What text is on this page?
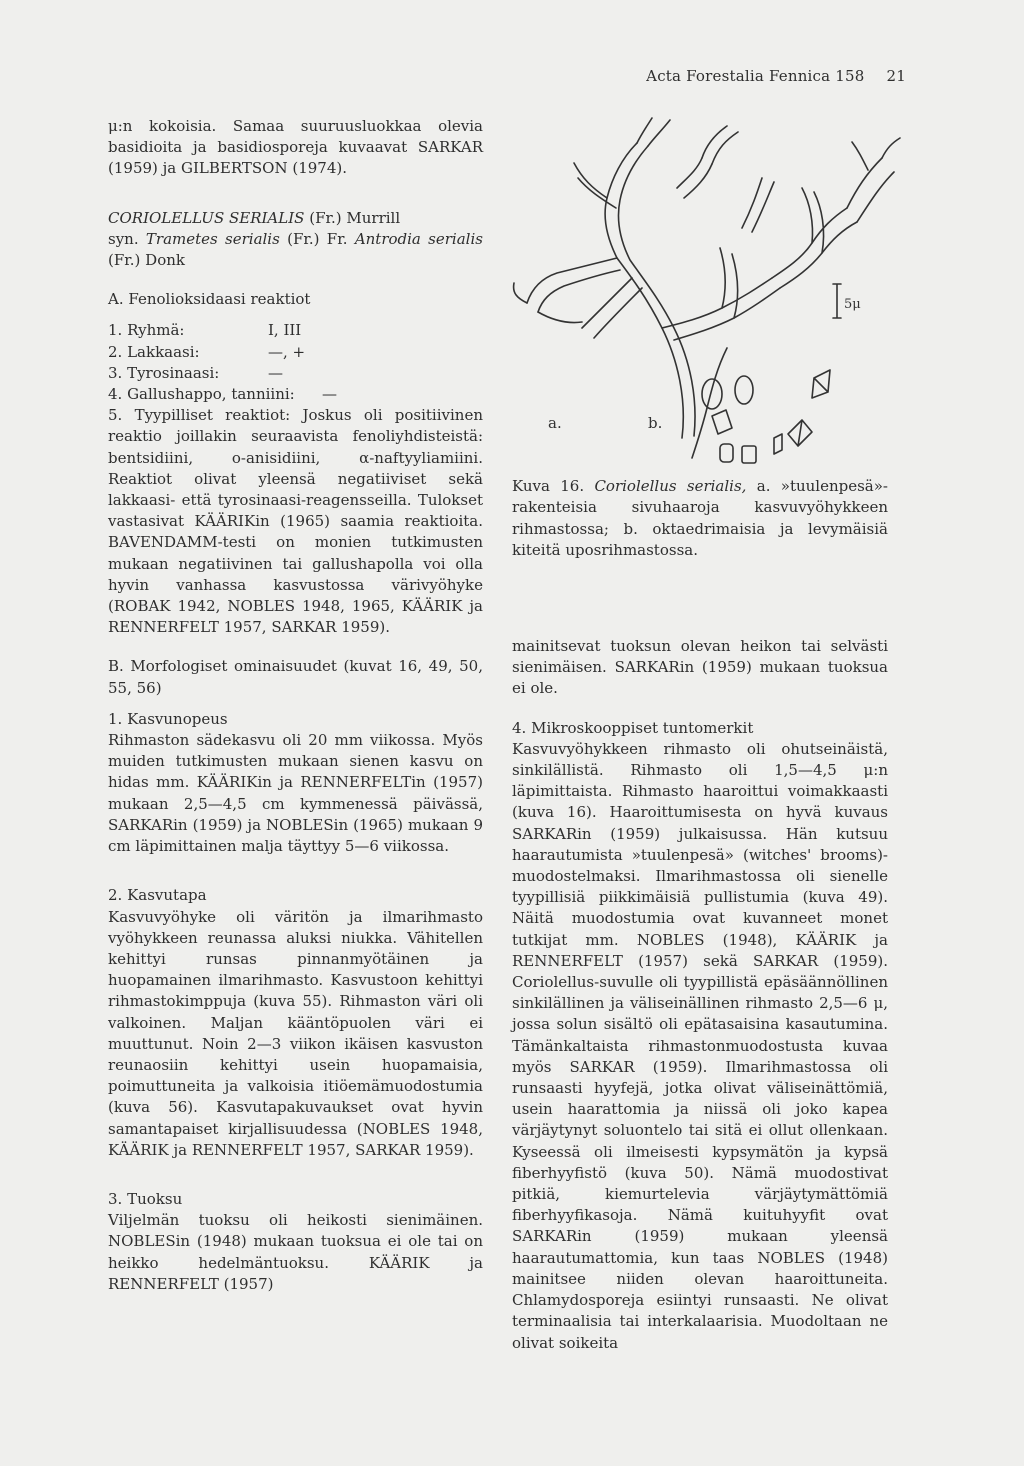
Acta Forestalia Fennica 158 21

μ:n kokoisia. Samaa suuruusluokkaa olevia basidioita ja basidiosporeja kuvaavat SARKAR (1959) ja GILBERTSON (1974).

CORIOLELLUS SERIALIS (Fr.) Murrill
syn. Trametes serialis (Fr.) Fr. Antrodia serialis (Fr.) Donk

A. Fenolioksidaasi reaktiot

1. Ryhmä:	I, III
2. Lakkaasi:	—, +
3. Tyrosinaasi:	—
4. Gallushappo, tanniini:	—

5. Tyypilliset reaktiot: Joskus oli positiivinen reaktio joillakin seuraavista fenoliyhdisteistä: bentsidiini, o-anisidiini, α-naftyyliamiini. Reaktiot olivat yleensä negatiiviset sekä lakkaasi- että tyrosinaasi-reagensseilla. Tulokset vastasivat KÄÄRIKin (1965) saamia reaktioita. BAVENDAMM-testi on monien tutkimusten mukaan negatiivinen tai gallushapolla voi olla hyvin vanhassa kasvustossa värivyöhyke (ROBAK 1942, NOBLES 1948, 1965, KÄÄRIK ja RENNERFELT 1957, SARKAR 1959).

B. Morfologiset ominaisuudet (kuvat 16, 49, 50, 55, 56)

1. Kasvunopeus

Rihmaston sädekasvu oli 20 mm viikossa. Myös muiden tutkimusten mukaan sienen kasvu on hidas mm. KÄÄRIKin ja RENNERFELTin (1957) mukaan 2,5—4,5 cm kymmenessä päivässä, SARKARin (1959) ja NOBLESin (1965) mukaan 9 cm läpimittainen malja täyttyy 5—6 viikossa.

2. Kasvutapa

Kasvuvyöhyke oli väritön ja ilmarihmasto vyöhykkeen reunassa aluksi niukka. Vähitellen kehittyi runsas pinnanmyötäinen ja huopamainen ilmarihmasto. Kasvustoon kehittyi rihmastokimppuja (kuva 55). Rihmaston väri oli valkoinen. Maljan kääntöpuolen väri ei muuttunut. Noin 2—3 viikon ikäisen kasvuston reunaosiin kehittyi usein huopamaisia, poimuttuneita ja valkoisia itiöemämuodostumia (kuva 56). Kasvutapakuvaukset ovat hyvin samantapaiset kirjallisuudessa (NOBLES 1948, KÄÄRIK ja RENNERFELT 1957, SARKAR 1959).

3. Tuoksu

Viljelmän tuoksu oli heikosti sienimäinen. NOBLESin (1948) mukaan tuoksua ei ole tai on heikko hedelmäntuoksu. KÄÄRIK ja RENNERFELT (1957)

a.	b.
5μ
Kuva 16. Coriolellus serialis, a. »tuulenpesä»-rakenteisia sivuhaaroja kasvuvyöhykkeen rihmastossa; b. oktaedrimaisia ja levymäisiä kiteitä uposrihmastossa.

mainitsevat tuoksun olevan heikon tai selvästi sienimäisen. SARKARin (1959) mukaan tuoksua ei ole.

4. Mikroskooppiset tuntomerkit

Kasvuvyöhykkeen rihmasto oli ohutseinäistä, sinkilällistä. Rihmasto oli 1,5—4,5 μ:n läpimittaista. Rihmasto haaroittui voimakkaasti (kuva 16). Haaroittumisesta on hyvä kuvaus SARKARin (1959) julkaisussa. Hän kutsuu haarautumista »tuulenpesä» (witches' brooms)-muodostelmaksi. Ilmarihmastossa oli sienelle tyypillisiä piikkimäisiä pullistumia (kuva 49). Näitä muodostumia ovat kuvanneet monet tutkijat mm. NOBLES (1948), KÄÄRIK ja RENNERFELT (1957) sekä SARKAR (1959). Coriolellus-suvulle oli tyypillistä epäsäännöllinen sinkilällinen ja väliseinällinen rihmasto 2,5—6 μ, jossa solun sisältö oli epätasaisina kasautumina. Tämänkaltaista rihmastonmuodostusta kuvaa myös SARKAR (1959). Ilmarihmastossa oli runsaasti hyyfejä, jotka olivat väliseinättömiä, usein haarattomia ja niissä oli joko kapea värjäytynyt soluontelo tai sitä ei ollut ollenkaan. Kyseessä oli ilmeisesti kypsymätön ja kypsä fiberhyyfistö (kuva 50). Nämä muodostivat pitkiä, kiemurtelevia värjäytymättömiä fiberhyyfikasoja. Nämä kuituhyyfit ovat SARKARin (1959) mukaan yleensä haarautumattomia, kun taas NOBLES (1948) mainitsee niiden olevan haaroittuneita. Chlamydosporeja esiintyi runsaasti. Ne olivat terminaalisia tai interkalaarisia. Muodoltaan ne olivat soikeita
